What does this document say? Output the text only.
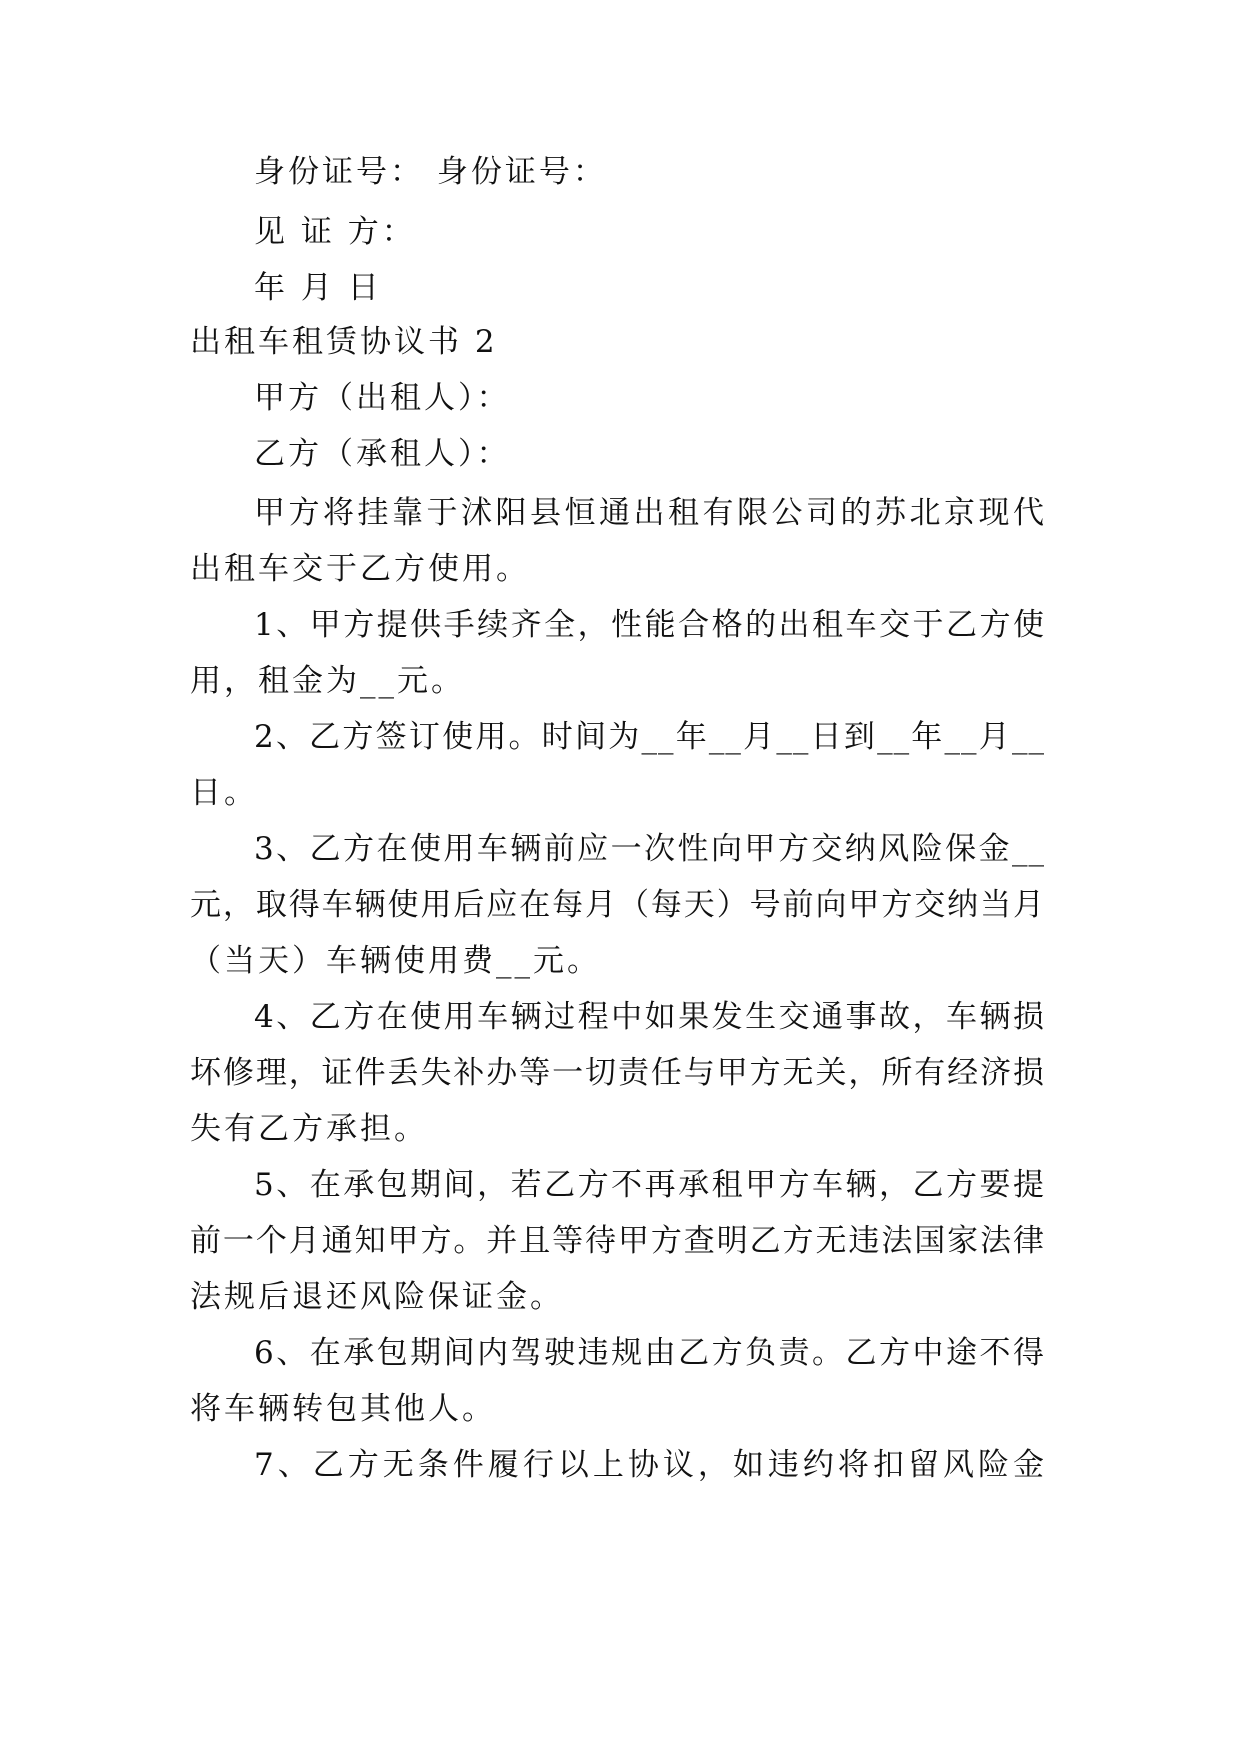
身份证号： 身份证号：
见 证 方：
年 月 日
出租车租赁协议书 2
甲方（出租人）：
乙方（承租人）：
甲方将挂靠于沭阳县恒通出租有限公司的苏北京现代
出租车交于乙方使用。
1、甲方提供手续齐全，性能合格的出租车交于乙方使
用，租金为__元。
2、乙方签订使用。时间为__年__月__日到__年__月__
日。
3、乙方在使用车辆前应一次性向甲方交纳风险保金__
元，取得车辆使用后应在每月（每天）号前向甲方交纳当月
（当天）车辆使用费__元。
4、乙方在使用车辆过程中如果发生交通事故，车辆损
坏修理，证件丢失补办等一切责任与甲方无关，所有经济损
失有乙方承担。
5、在承包期间，若乙方不再承租甲方车辆，乙方要提
前一个月通知甲方。并且等待甲方查明乙方无违法国家法律
法规后退还风险保证金。
6、在承包期间内驾驶违规由乙方负责。乙方中途不得
将车辆转包其他人。
7、乙方无条件履行以上协议，如违约将扣留风险金
